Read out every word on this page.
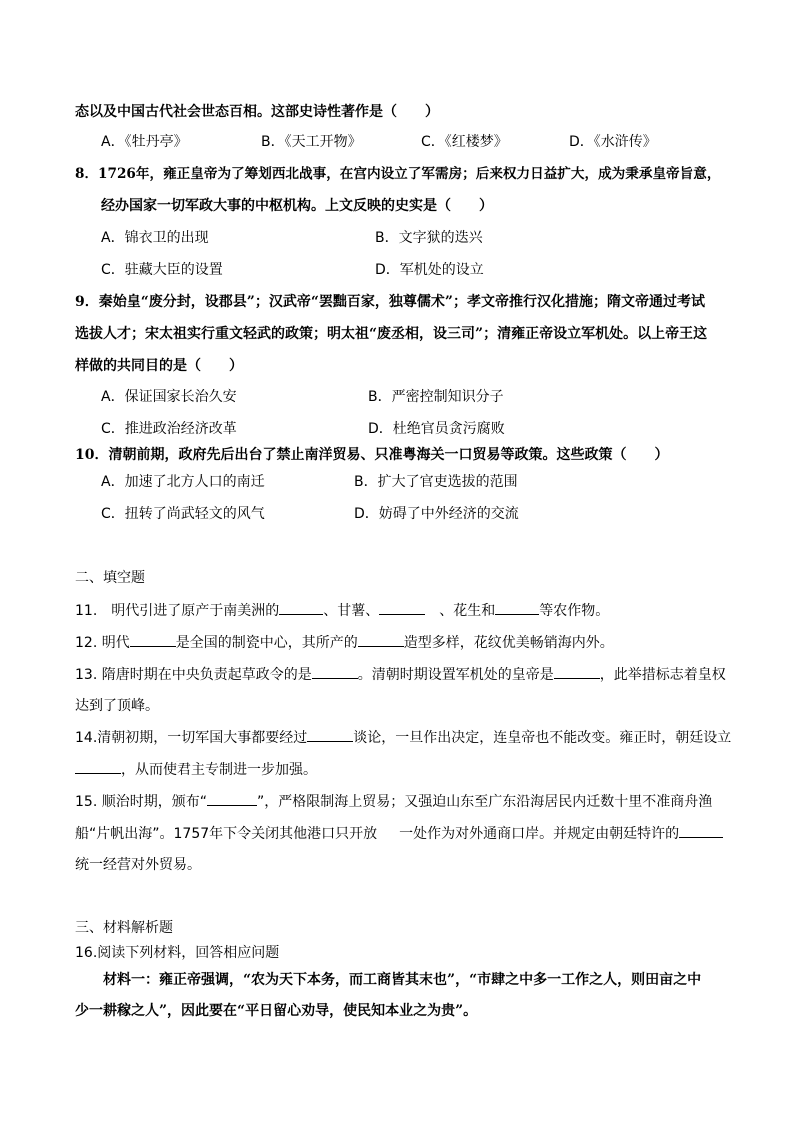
态以及中国古代社会世态百相。这部史诗性著作是（　　）
A．《牡丹亭》	B．《天工开物》	C．《红楼梦》	D．《水浒传》
8．1726年，雍正皇帝为了筹划西北战事，在宫内设立了军需房；后来权力日益扩大，成为秉承皇帝旨意，
经办国家一切军政大事的中枢机构。上文反映的史实是（　　）
A．锦衣卫的出现	B．文字狱的迭兴
C．驻藏大臣的设置	D．军机处的设立
9．秦始皇“废分封，设郡县”；汉武帝“罢黜百家，独尊儒术”；孝文帝推行汉化措施；隋文帝通过考试
选拔人才；宋太祖实行重文轻武的政策；明太祖“废丞相，设三司”；清雍正帝设立军机处。以上帝王这
样做的共同目的是（　　）
A．保证国家长治久安	B．严密控制知识分子
C．推进政治经济改革	D．杜绝官员贪污腐败
10．清朝前期，政府先后出台了禁止南洋贸易、只准粤海关一口贸易等政策。这些政策（　　）
A．加速了北方人口的南迁	B．扩大了官吏选拔的范围
C．扭转了尚武轻文的风气	D．妨碍了中外经济的交流
二、填空题
11.　明代引进了原产于南美洲的	、甘薯、	　、花生和	等农作物。
12. 明代	是全国的制瓷中心，其所产的	造型多样，花纹优美畅销海内外。
13. 隋唐时期在中央负责起草政令的是	。清朝时期设置军机处的皇帝是	，此举措标志着皇权
达到了顶峰。
14.清朝初期，一切军国大事都要经过	谈论，一旦作出决定，连皇帝也不能改变。雍正时，朝廷设立
，从而使君主专制进一步加强。
15. 顺治时期，颁布“	”，严格限制海上贸易；又强迫山东至广东沿海居民内迁数十里不准商舟渔
船“片帆出海”。1757年下令关闭其他港口只开放 一处作为对外通商口岸。并规定由朝廷特许的
统一经营对外贸易。
三、材料解析题
16.阅读下列材料，回答相应问题
材料一：雍正帝强调，“农为天下本务，而工商皆其末也”，“市肆之中多一工作之人，则田亩之中
少一耕稼之人”，因此要在“平日留心劝导，使民知本业之为贵”。
